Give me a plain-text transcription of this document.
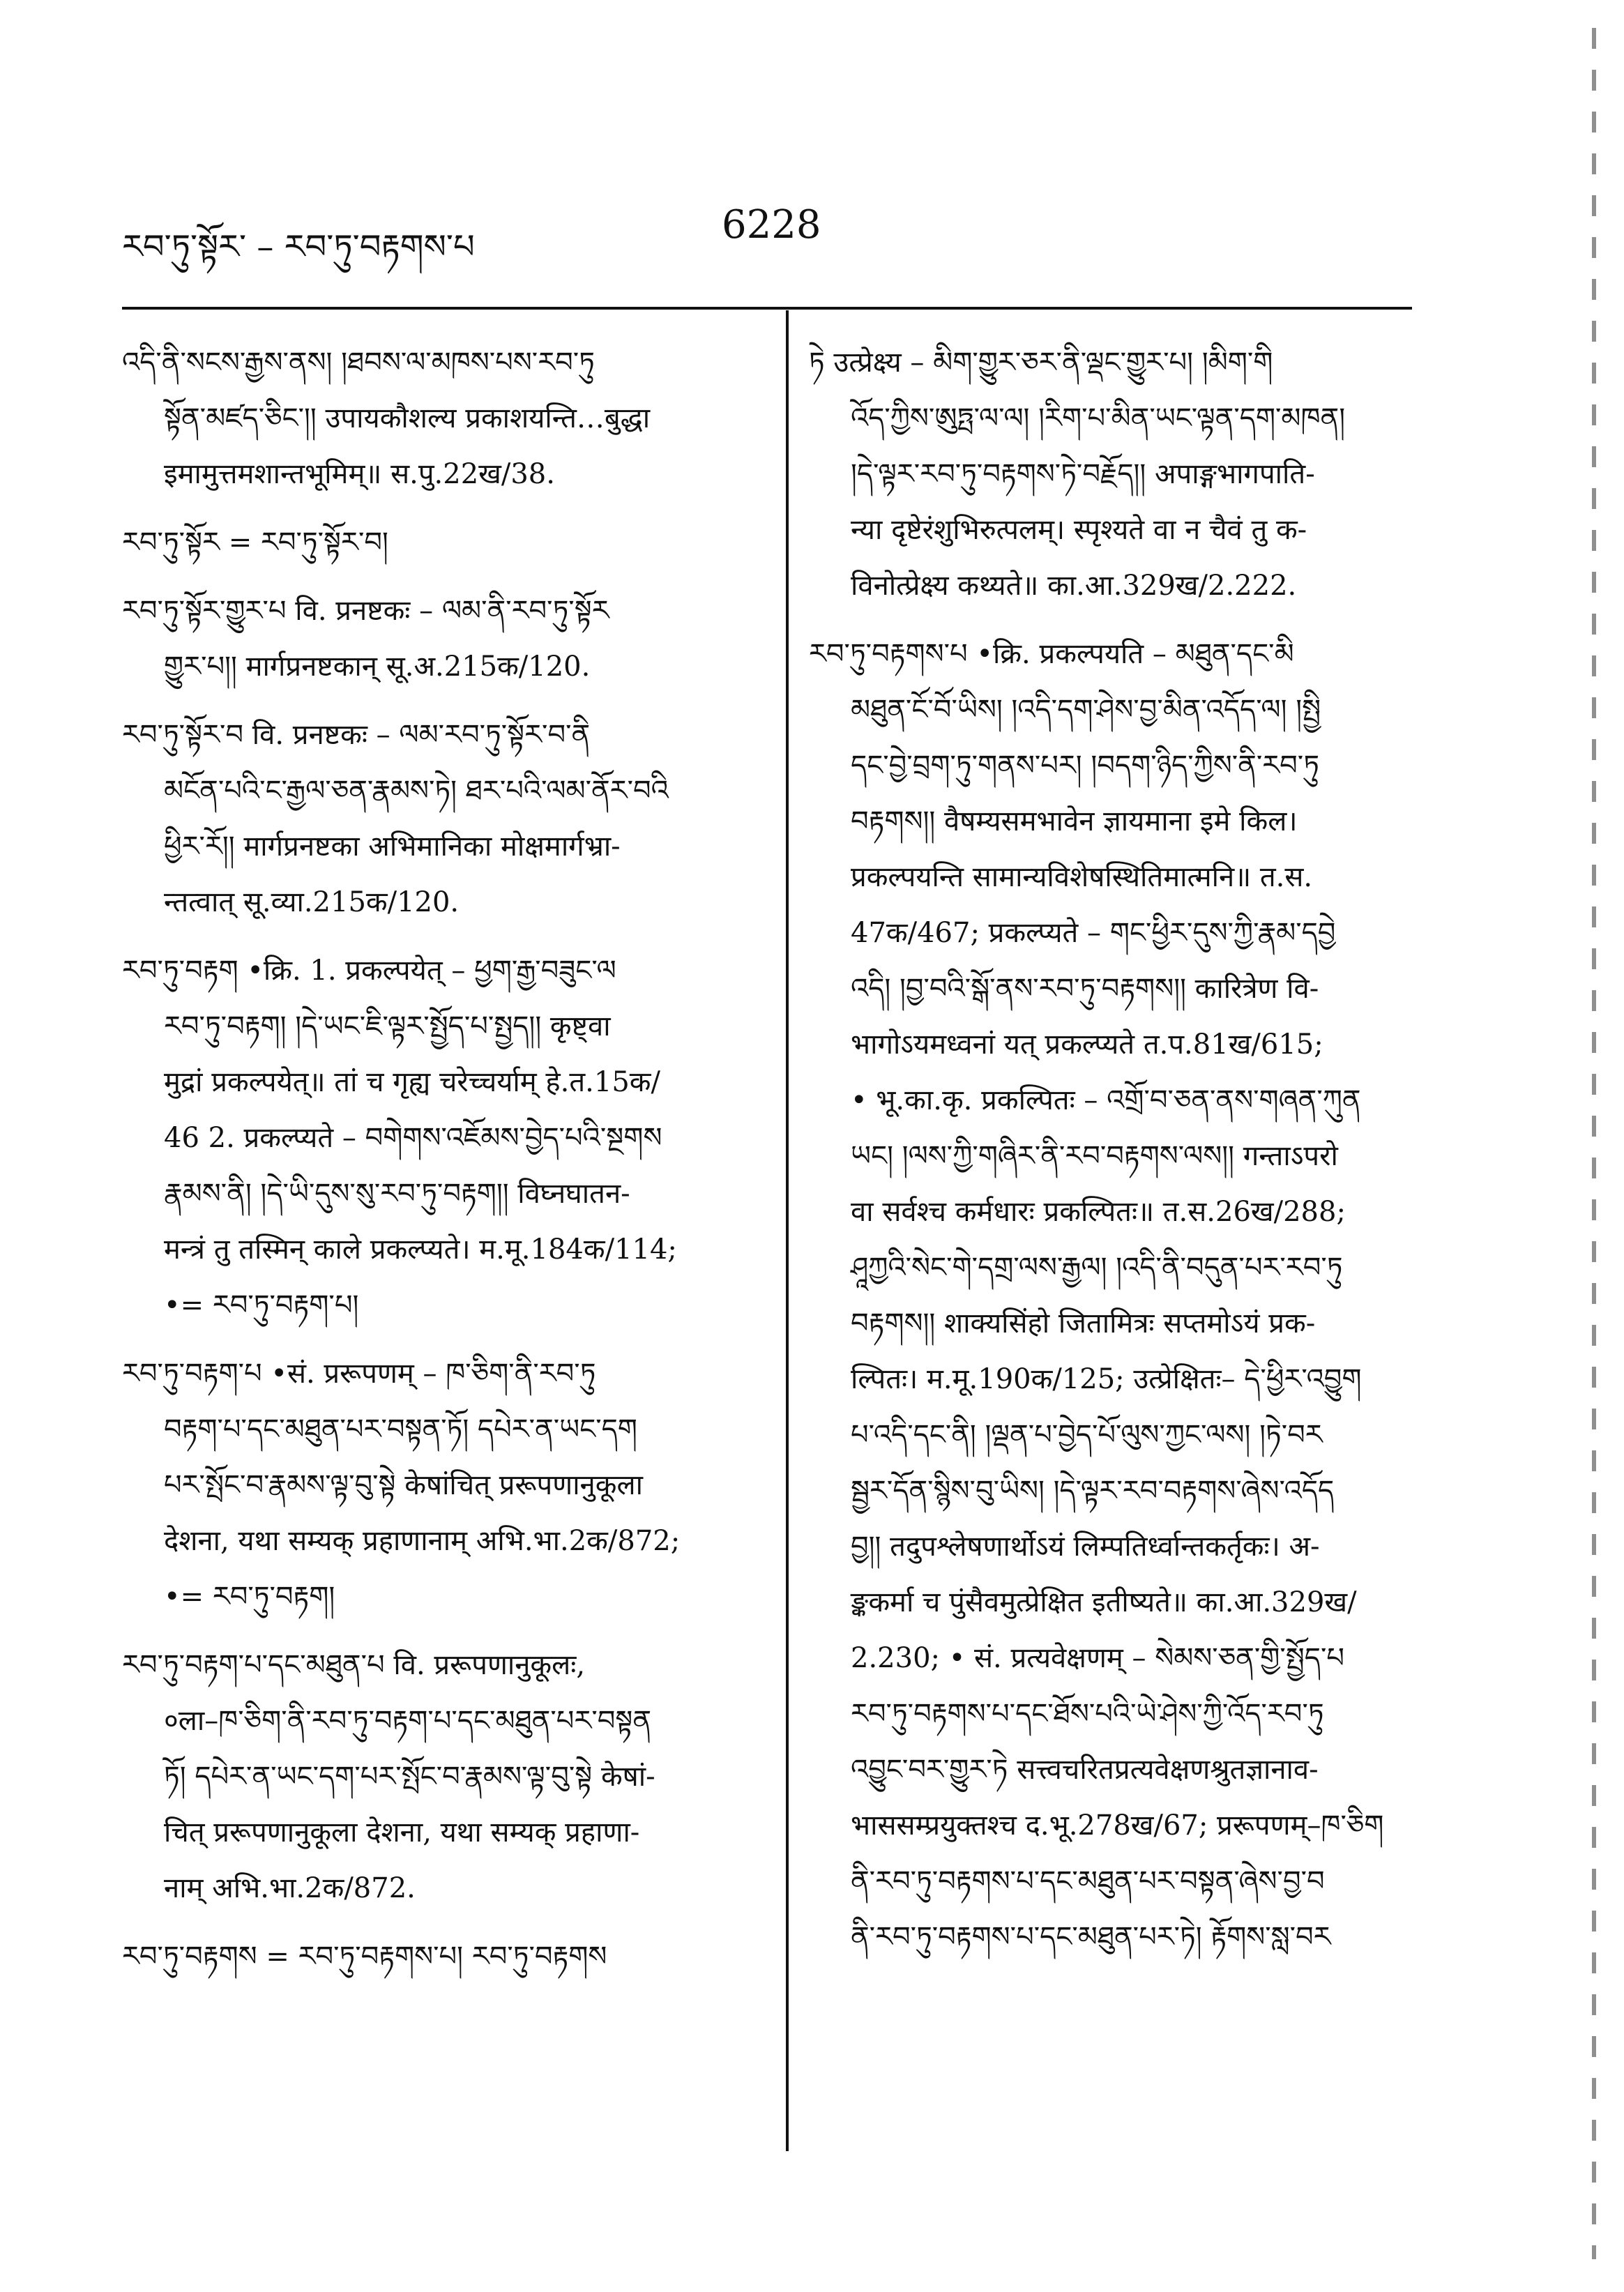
རབ་ཏུ་སྟོར་ – རབ་ཏུ་བརྟགས་པ	6228

འདི་ནི་སངས་རྒྱས་ནས། །ཐབས་ལ་མཁས་པས་རབ་ཏུ

སྟོན་མཛད་ཅིང༌།། उपायकौशल्य प्रकाशयन्ति…बुद्धा
इमामुत्तमशान्तभूमिम्॥ स.पु.22ख/38.

རབ་ཏུ་སྟོར = རབ་ཏུ་སྟོར་བ།

རབ་ཏུ་སྟོར་གྱུར་པ वि. प्रनष्टकः – ལམ་ནི་རབ་ཏུ་སྟོར

གྱུར་པ།། मार्गप्रनष्टकान् सू.अ.215क/120.

རབ་ཏུ་སྟོར་བ वि. प्रनष्टकः – ལམ་རབ་ཏུ་སྟོར་བ་ནི

མངོན་པའི་ང་རྒྱལ་ཅན་རྣམས་ཏེ། ཐར་པའི་ལམ་ནོར་བའི
ཕྱིར་རོ།། मार्गप्रनष्टका अभिमानिका मोक्षमार्गभ्रा-
न्तत्वात् सू.व्या.215क/120.

རབ་ཏུ་བརྟག •क्रि. 1. प्रकल्पयेत् – ཕྱག་རྒྱ་བཟུང་ལ

རབ་ཏུ་བརྟག། །དེ་ཡང་ཇི་ལྟར་སྤྱོད་པ་སྤྱད།། कृष्ट्वा
मुद्रां प्रकल्पयेत्॥ तां च गृह्य चरेच्चर्याम् हे.त.15क/
46 2. प्रकल्प्यते – བགེགས་འཇོམས་བྱེད་པའི་སྔགས
རྣམས་ནི། །དེ་ཡི་དུས་སུ་རབ་ཏུ་བརྟག།། विघ्नघातन-
मन्त्रं तु तस्मिन् काले प्रकल्प्यते। म.मू.184क/114;
•= རབ་ཏུ་བརྟག་པ།

རབ་ཏུ་བརྟག་པ •सं. प्ररूपणम् – ཁ་ཅིག་ནི་རབ་ཏུ

བརྟག་པ་དང་མཐུན་པར་བསྟན་ཏོ། དཔེར་ན་ཡང་དག
པར་སྤོང་བ་རྣམས་ལྟ་བུ་སྟེ केषांचित् प्ररूपणानुकूला
देशना, यथा सम्यक् प्रहाणानाम् अभि.भा.2क/872;
•= རབ་ཏུ་བརྟག།

རབ་ཏུ་བརྟག་པ་དང་མཐུན་པ वि. प्ररूपणानुकूलः,

०ला–ཁ་ཅིག་ནི་རབ་ཏུ་བརྟག་པ་དང་མཐུན་པར་བསྟན
ཏོ། དཔེར་ན་ཡང་དག་པར་སྤོང་བ་རྣམས་ལྟ་བུ་སྟེ केषां-
चित् प्ररूपणानुकूला देशना, यथा सम्यक् प्रहाणा-
नाम् अभि.भा.2क/872.

རབ་ཏུ་བརྟགས = རབ་ཏུ་བརྟགས་པ། རབ་ཏུ་བརྟགས

ཏེ उत्प्रेक्ष्य – མིག་གྱུར་ཅར་ནི་ལྡང་གྱུར་པ། །མིག་གི

འོད་ཀྱིས་ཨུཏྤ་ལ་ལ། །རིག་པ་མིན་ཡང་ལྟན་དག་མཁན།
།དེ་ལྟར་རབ་ཏུ་བརྟགས་ཏེ་བརྗོད།། अपाङ्गभागपाति-
न्या दृष्टेरंशुभिरुत्पलम्। स्पृश्यते वा न चैवं तु क-
विनोत्प्रेक्ष्य कथ्यते॥ का.आ.329ख/2.222.

རབ་ཏུ་བརྟགས་པ •क्रि. प्रकल्पयति – མཐུན་དང་མི

མཐུན་ངོ་བོ་ཡིས། །འདི་དག་ཤེས་བྱ་མིན་འདོད་ལ། །སྤྱི
དང་བྱེ་བྲག་ཏུ་གནས་པར། །བདག་ཉིད་ཀྱིས་ནི་རབ་ཏུ
བརྟགས།། वैषम्यसमभावेन ज्ञायमाना इमे किल।
प्रकल्पयन्ति सामान्यविशेषस्थितिमात्मनि॥ त.स.
47क/467; प्रकल्प्यते – གང་ཕྱིར་དུས་ཀྱི་རྣམ་དབྱེ
འདི། །བྱ་བའི་སྒོ་ནས་རབ་ཏུ་བརྟགས།། कारित्रेण वि-
भागोऽयमध्वनां यत् प्रकल्प्यते त.प.81ख/615;
• भू.का.कृ. प्रकल्पितः – འགྲོ་བ་ཅན་ནས་གཞན་ཀུན
ཡང། །ལས་ཀྱི་གཞིར་ནི་རབ་བརྟགས་ལས།། गन्ताऽपरो
वा सर्वश्च कर्मधारः प्रकल्पितः॥ त.स.26ख/288;
ཤཱཀྱའི་སེང་གེ་དགྲ་ལས་རྒྱལ། །འདི་ནི་བདུན་པར་རབ་ཏུ
བརྟགས།། शाक्यसिंहो जितामित्रः सप्तमोऽयं प्रक-
ल्पितः। म.मू.190क/125; उत्प्रेक्षितः– དེ་ཕྱིར་འབྱུག
པ་འདི་དང་ནི། །ལྡན་པ་བྱེད་པོ་ལུས་ཀྱང་ལས། །ཏེ་བར
སྦྱར་དོན་སྙིས་བུ་ཡིས། །དེ་ལྟར་རབ་བརྟགས་ཞེས་འདོད
བྱ།། तदुपश्लेषणार्थोऽयं लिम्पतिर्ध्वान्तकर्तृकः। अ-
ङ्ककर्मा च पुंसैवमुत्प्रेक्षित इतीष्यते॥ का.आ.329ख/
2.230; • सं. प्रत्यवेक्षणम् – སེམས་ཅན་གྱི་སྤྱོད་པ
རབ་ཏུ་བརྟགས་པ་དང་ཐོས་པའི་ཡེ་ཤེས་ཀྱི་འོད་རབ་ཏུ
འབྱུང་བར་གྱུར་ཏེ सत्त्वचरितप्रत्यवेक्षणश्रुतज्ञानाव-
भाससम्प्रयुक्तश्च द.भू.278ख/67; प्ररूपणम्–ཁ་ཅིག
ནི་རབ་ཏུ་བརྟགས་པ་དང་མཐུན་པར་བསྟན་ཞེས་བྱ་བ
ནི་རབ་ཏུ་བརྟགས་པ་དང་མཐུན་པར་ཏེ། རྟོགས་སླ་བར
